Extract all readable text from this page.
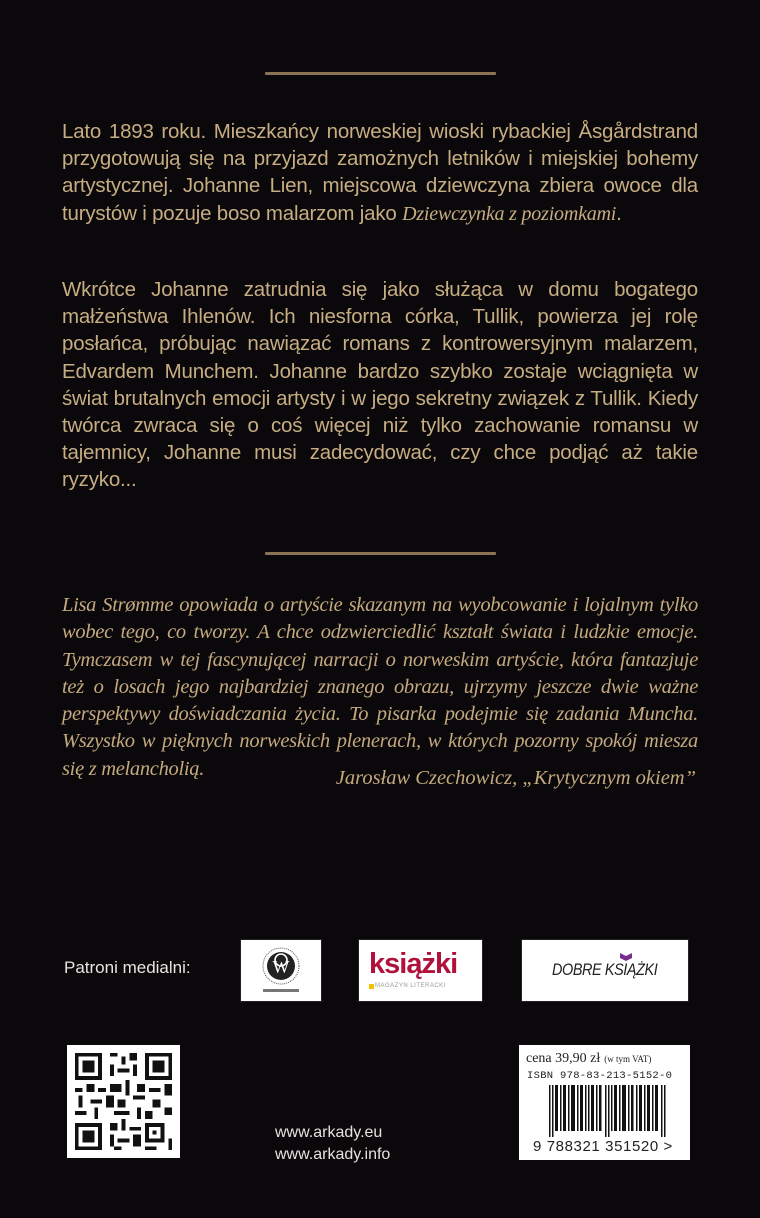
Lato 1893 roku. Mieszkańcy norweskiej wioski rybackiej Åsgårdstrand przygotowują się na przyjazd zamożnych letników i miejskiej bohemy artystycznej. Johanne Lien, miejscowa dziewczyna zbiera owoce dla turystów i pozuje boso malarzom jako Dziewczynka z poziomkami.
Wkrótce Johanne zatrudnia się jako służąca w domu bogatego małżeństwa Ihlenów. Ich niesforna córka, Tullik, powierza jej rolę posłańca, próbując nawiązać romans z kontrowersyjnym malarzem, Edvardem Munchem. Johanne bardzo szybko zostaje wciągnięta w świat brutalnych emocji artysty i w jego sekretny związek z Tullik. Kiedy twórca zwraca się o coś więcej niż tylko zachowanie romansu w tajemnicy, Johanne musi zadecydować, czy chce podjąć aż takie ryzyko...
Lisa Strømme opowiada o artyście skazanym na wyobcowanie i lojalnym tylko wobec tego, co tworzy. A chce odzwierciedlić kształt świata i ludzkie emocje. Tymczasem w tej fascynującej narracji o norweskim artyście, która fantazjuje też o losach jego najbardziej znanego obrazu, ujrzymy jeszcze dwie ważne perspektywy doświadczania życia. To pisarka podejmie się zadania Muncha. Wszystko w pięknych norweskich plenerach, w których pozorny spokój miesza się z melancholią.	Jarosław Czechowicz, „Krytycznym okiem”
Patroni medialni:	W	książki
MAGAZYN LITERACKI
DOBRE KSIĄŻKI
www.arkady.eu
www.arkady.info
cena 39,90 zł (w tym VAT)
ISBN 978-83-213-5152-0
9 788321 351520 >
